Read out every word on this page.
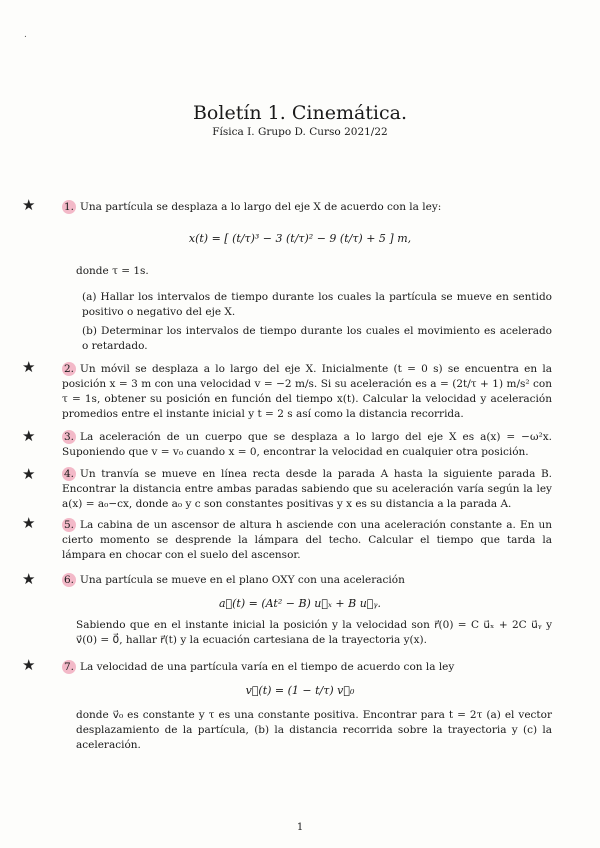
.
Boletín 1. Cinemática.
Física I. Grupo D. Curso 2021/22
★	1. Una partícula se desplaza a lo largo del eje X de acuerdo con la ley:
x(t) = [ (t/τ)³ − 3 (t/τ)² − 9 (t/τ) + 5 ] m,
donde τ = 1s.
(a) Hallar los intervalos de tiempo durante los cuales la partícula se mueve en sentido positivo o negativo del eje X.
(b) Determinar los intervalos de tiempo durante los cuales el movimiento es acelerado o retardado.
★	2. Un móvil se desplaza a lo largo del eje X. Inicialmente (t = 0 s) se encuentra en la posición x = 3 m con una velocidad v = −2 m/s. Si su aceleración es a = (2t/τ + 1) m/s² con τ = 1s, obtener su posición en función del tiempo x(t). Calcular la velocidad y aceleración promedios entre el instante inicial y t = 2 s así como la distancia recorrida.
★	3. La aceleración de un cuerpo que se desplaza a lo largo del eje X es a(x) = −ω²x. Suponiendo que v = v₀ cuando x = 0, encontrar la velocidad en cualquier otra posición.
★	4. Un tranvía se mueve en línea recta desde la parada A hasta la siguiente parada B. Encontrar la distancia entre ambas paradas sabiendo que su aceleración varía según la ley a(x) = a₀−cx, donde a₀ y c son constantes positivas y x es su distancia a la parada A.
★	5. La cabina de un ascensor de altura h asciende con una aceleración constante a. En un cierto momento se desprende la lámpara del techo. Calcular el tiempo que tarda la lámpara en chocar con el suelo del ascensor.
★	6. Una partícula se mueve en el plano OXY con una aceleración
a⃗(t) = (At² − B) u⃗ₓ + B u⃗ᵧ.
Sabiendo que en el instante inicial la posición y la velocidad son r⃗(0) = C u⃗ₓ + 2C u⃗ᵧ y v⃗(0) = 0⃗, hallar r⃗(t) y la ecuación cartesiana de la trayectoria y(x).
★	7. La velocidad de una partícula varía en el tiempo de acuerdo con la ley
v⃗(t) = (1 − t/τ) v⃗₀
donde v⃗₀ es constante y τ es una constante positiva. Encontrar para t = 2τ (a) el vector desplazamiento de la partícula, (b) la distancia recorrida sobre la trayectoria y (c) la aceleración.
1
